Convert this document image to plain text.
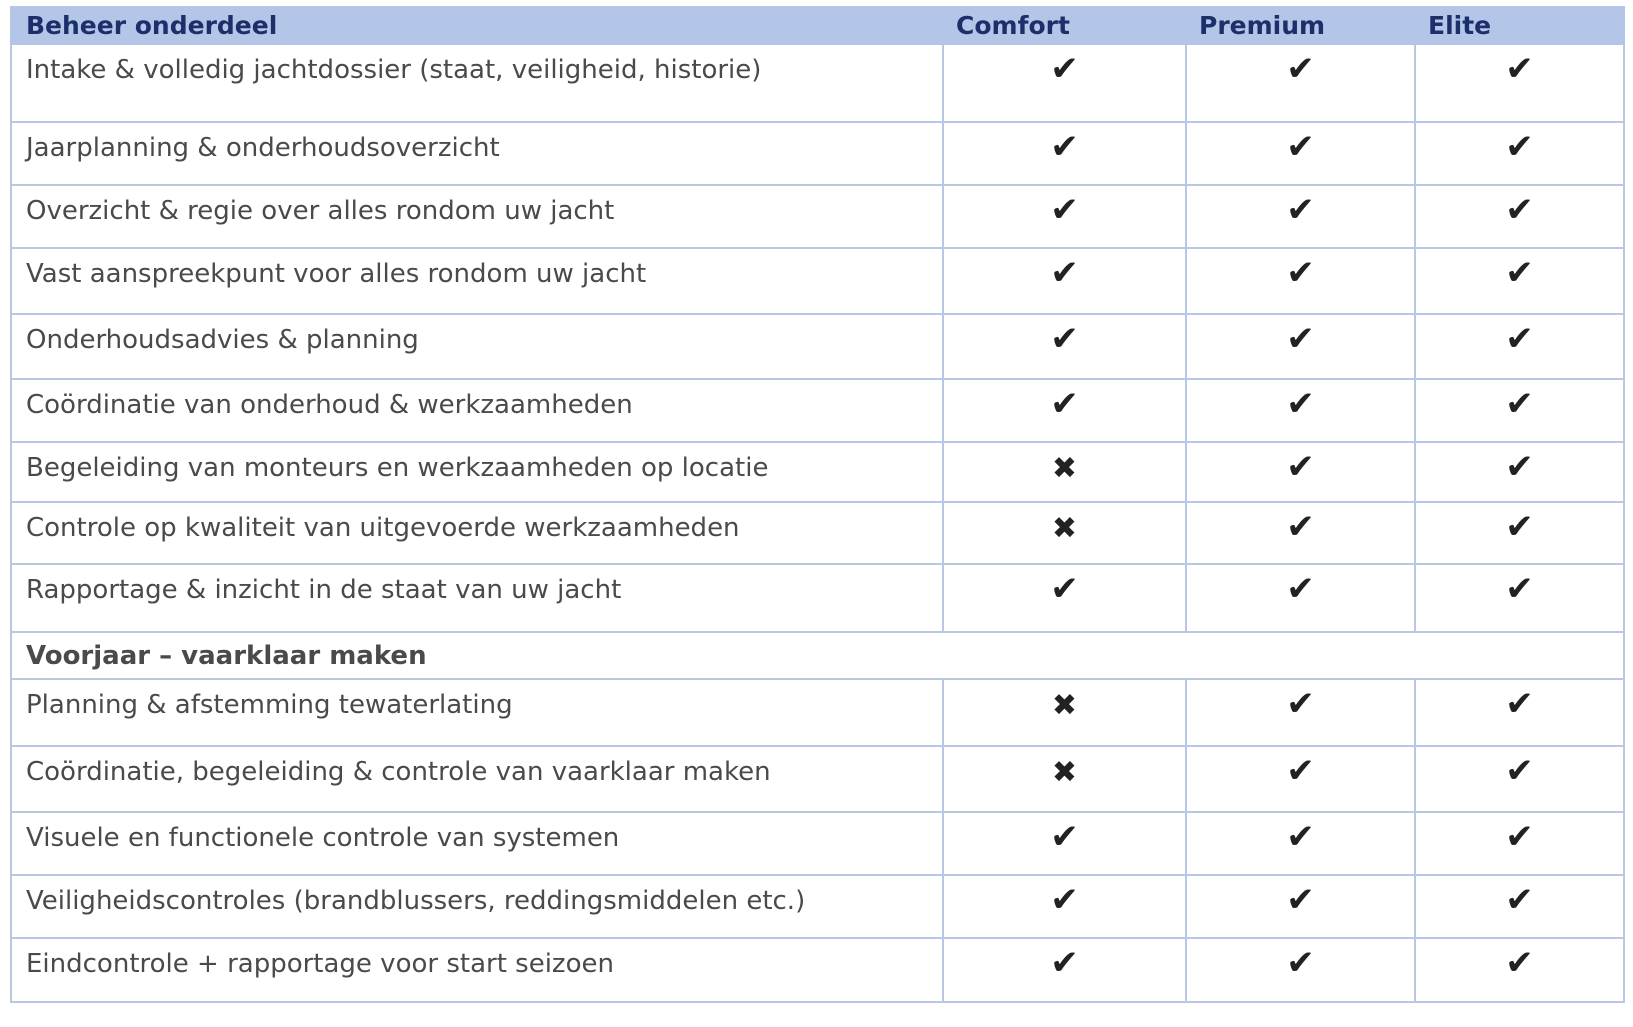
Beheer onderdeel	Comfort	Premium	Elite
Intake & volledig jachtdossier (staat, veiligheid, historie)	✔	✔	✔
Jaarplanning & onderhoudsoverzicht	✔	✔	✔
Overzicht & regie over alles rondom uw jacht	✔	✔	✔
Vast aanspreekpunt voor alles rondom uw jacht	✔	✔	✔
Onderhoudsadvies & planning	✔	✔	✔
Coördinatie van onderhoud & werkzaamheden	✔	✔	✔
Begeleiding van monteurs en werkzaamheden op locatie	✖	✔	✔
Controle op kwaliteit van uitgevoerde werkzaamheden	✖	✔	✔
Rapportage & inzicht in de staat van uw jacht	✔	✔	✔
Voorjaar – vaarklaar maken			
Planning & afstemming tewaterlating	✖	✔	✔
Coördinatie, begeleiding & controle van vaarklaar maken	✖	✔	✔
Visuele en functionele controle van systemen	✔	✔	✔
Veiligheidscontroles (brandblussers, reddingsmiddelen etc.)	✔	✔	✔
Eindcontrole + rapportage voor start seizoen	✔	✔	✔
